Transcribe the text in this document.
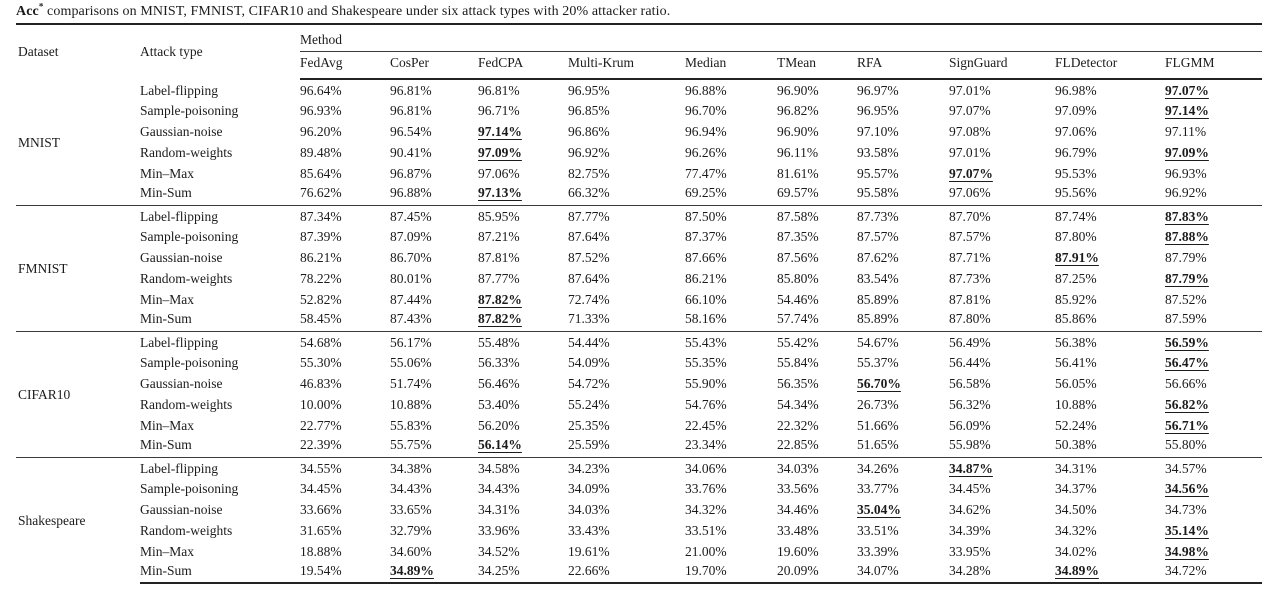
Acc* comparisons on MNIST, FMNIST, CIFAR10 and Shakespeare under six attack types with 20% attacker ratio.
Dataset	Attack type	Method									
		FedAvg	CosPer	FedCPA	Multi-Krum	Median	TMean	RFA	SignGuard	FLDetector	FLGMM
MNIST	Label-flipping	96.64%	96.81%	96.81%	96.95%	96.88%	96.90%	96.97%	97.01%	96.98%	97.07%
	Sample-poisoning	96.93%	96.81%	96.71%	96.85%	96.70%	96.82%	96.95%	97.07%	97.09%	97.14%
	Gaussian-noise	96.20%	96.54%	97.14%	96.86%	96.94%	96.90%	97.10%	97.08%	97.06%	97.11%
	Random-weights	89.48%	90.41%	97.09%	96.92%	96.26%	96.11%	93.58%	97.01%	96.79%	97.09%
	Min–Max	85.64%	96.87%	97.06%	82.75%	77.47%	81.61%	95.57%	97.07%	95.53%	96.93%
	Min-Sum	76.62%	96.88%	97.13%	66.32%	69.25%	69.57%	95.58%	97.06%	95.56%	96.92%
FMNIST	Label-flipping	87.34%	87.45%	85.95%	87.77%	87.50%	87.58%	87.73%	87.70%	87.74%	87.83%
	Sample-poisoning	87.39%	87.09%	87.21%	87.64%	87.37%	87.35%	87.57%	87.57%	87.80%	87.88%
	Gaussian-noise	86.21%	86.70%	87.81%	87.52%	87.66%	87.56%	87.62%	87.71%	87.91%	87.79%
	Random-weights	78.22%	80.01%	87.77%	87.64%	86.21%	85.80%	83.54%	87.73%	87.25%	87.79%
	Min–Max	52.82%	87.44%	87.82%	72.74%	66.10%	54.46%	85.89%	87.81%	85.92%	87.52%
	Min-Sum	58.45%	87.43%	87.82%	71.33%	58.16%	57.74%	85.89%	87.80%	85.86%	87.59%
CIFAR10	Label-flipping	54.68%	56.17%	55.48%	54.44%	55.43%	55.42%	54.67%	56.49%	56.38%	56.59%
	Sample-poisoning	55.30%	55.06%	56.33%	54.09%	55.35%	55.84%	55.37%	56.44%	56.41%	56.47%
	Gaussian-noise	46.83%	51.74%	56.46%	54.72%	55.90%	56.35%	56.70%	56.58%	56.05%	56.66%
	Random-weights	10.00%	10.88%	53.40%	55.24%	54.76%	54.34%	26.73%	56.32%	10.88%	56.82%
	Min–Max	22.77%	55.83%	56.20%	25.35%	22.45%	22.32%	51.66%	56.09%	52.24%	56.71%
	Min-Sum	22.39%	55.75%	56.14%	25.59%	23.34%	22.85%	51.65%	55.98%	50.38%	55.80%
Shakespeare	Label-flipping	34.55%	34.38%	34.58%	34.23%	34.06%	34.03%	34.26%	34.87%	34.31%	34.57%
	Sample-poisoning	34.45%	34.43%	34.43%	34.09%	33.76%	33.56%	33.77%	34.45%	34.37%	34.56%
	Gaussian-noise	33.66%	33.65%	34.31%	34.03%	34.32%	34.46%	35.04%	34.62%	34.50%	34.73%
	Random-weights	31.65%	32.79%	33.96%	33.43%	33.51%	33.48%	33.51%	34.39%	34.32%	35.14%
	Min–Max	18.88%	34.60%	34.52%	19.61%	21.00%	19.60%	33.39%	33.95%	34.02%	34.98%
	Min-Sum	19.54%	34.89%	34.25%	22.66%	19.70%	20.09%	34.07%	34.28%	34.89%	34.72%
